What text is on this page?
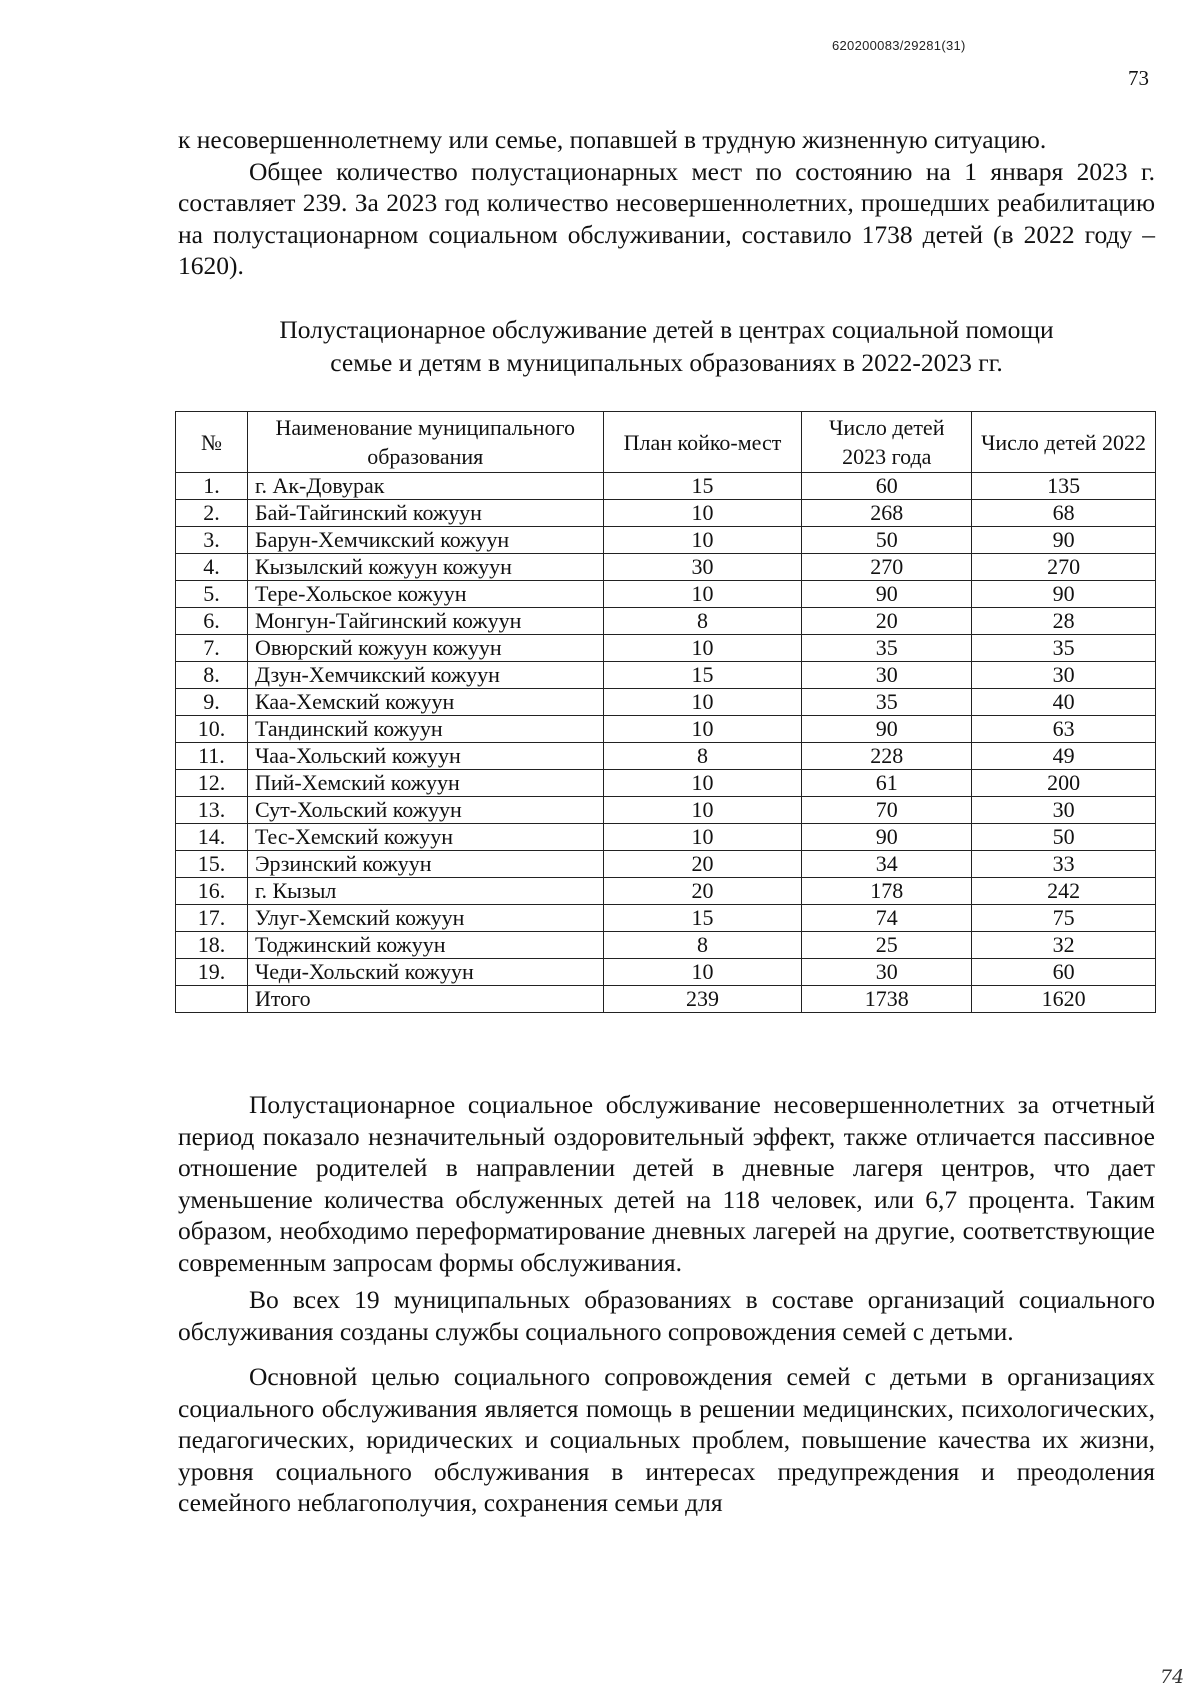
620200083/29281(31)
73

к несовершеннолетнему или семье, попавшей в трудную жизненную ситуацию.

Общее количество полустационарных мест по состоянию на 1 января 2023 г. составляет 239. За 2023 год количество несовершеннолетних, прошедших реабилитацию на полустационарном социальном обслуживании, составило 1738 детей (в 2022 году – 1620).

Полустационарное обслуживание детей в центрах социальной помощи
семье и детям в муниципальных образованиях в 2022-2023 гг.
№	Наименование муниципального образования	План койко-мест	Число детей 2023 года	Число детей 2022
1.	г. Ак-Довурак	15	60	135
2.	Бай-Тайгинский кожуун	10	268	68
3.	Барун-Хемчикский кожуун	10	50	90
4.	Кызылский кожуун кожуун	30	270	270
5.	Тере-Хольское кожуун	10	90	90
6.	Монгун-Тайгинский кожуун	8	20	28
7.	Овюрский кожуун кожуун	10	35	35
8.	Дзун-Хемчикский кожуун	15	30	30
9.	Каа-Хемский кожуун	10	35	40
10.	Тандинский кожуун	10	90	63
11.	Чаа-Хольский кожуун	8	228	49
12.	Пий-Хемский кожуун	10	61	200
13.	Сут-Хольский кожуун	10	70	30
14.	Тес-Хемский кожуун	10	90	50
15.	Эрзинский кожуун	20	34	33
16.	г. Кызыл	20	178	242
17.	Улуг-Хемский кожуун	15	74	75
18.	Тоджинский кожуун	8	25	32
19.	Чеди-Хольский кожуун	10	30	60
	Итого	239	1738	1620

Полустационарное социальное обслуживание несовершеннолетних за отчетный период показало незначительный оздоровительный эффект, также отличается пассивное отношение родителей в направлении детей в дневные лагеря центров, что дает уменьшение количества обслуженных детей на 118 человек, или 6,7 процента. Таким образом, необходимо переформатирование дневных лагерей на другие, соответствующие современным запросам формы обслуживания.

Во всех 19 муниципальных образованиях в составе организаций социального обслуживания созданы службы социального сопровождения семей с детьми.

Основной целью социального сопровождения семей с детьми в организациях социального обслуживания является помощь в решении медицинских, психологических, педагогических, юридических и социальных проблем, повышение качества их жизни, уровня социального обслуживания в интересах предупреждения и преодоления семейного неблагополучия, сохранения семьи для

74
